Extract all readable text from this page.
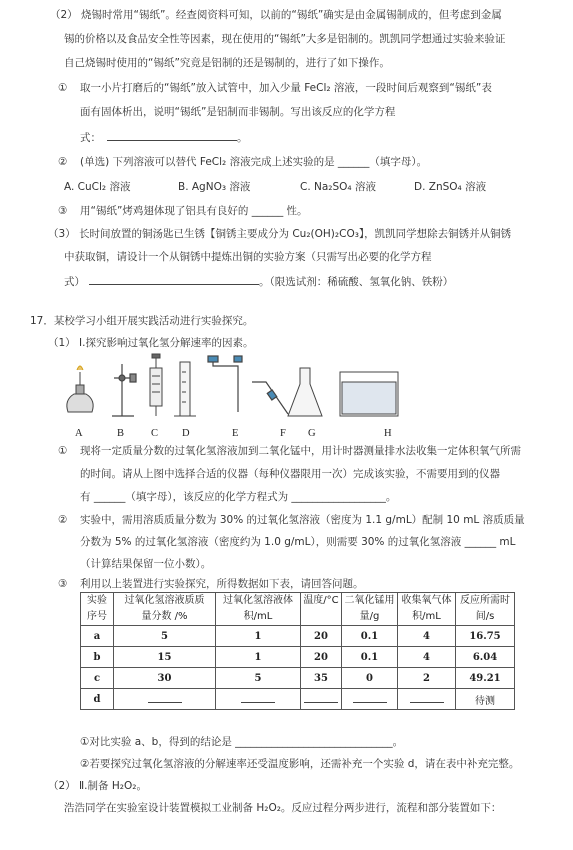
（2） 烧锡时常用“锡纸”。经查阅资料可知，以前的“锡纸”确实是由金属锡制成的，但考虑到金属
锡的价格以及食品安全性等因素，现在使用的“锡纸”大多是铝制的。凯凯同学想通过实验来验证
自己烧锡时使用的“锡纸”究竟是铝制的还是锡制的，进行了如下操作。
① 取一小片打磨后的“锡纸”放入试管中，加入少量 FeCl₂ 溶液，一段时间后观察到“锡纸”表
面有固体析出，说明“锡纸”是铝制而非锡制。写出该反应的化学方程
式：	。
② (单选) 下列溶液可以替代 FeCl₂ 溶液完成上述实验的是 ______（填字母）。
A. CuCl₂ 溶液	B. AgNO₃ 溶液	C. Na₂SO₄ 溶液	D. ZnSO₄ 溶液
③ 用“锡纸”烤鸡翅体现了铝具有良好的 ______ 性。
（3） 长时间放置的铜汤匙已生锈【铜锈主要成分为 Cu₂(OH)₂CO₃】，凯凯同学想除去铜锈并从铜锈
中获取铜，请设计一个从铜锈中提炼出铜的实验方案（只需写出必要的化学方程
式）	。（限选试剂：稀硫酸、氢氧化钠、铁粉）
17．某校学习小组开展实践活动进行实验探究。
（1） Ⅰ.探究影响过氧化氢分解速率的因素。
A	B	C D	E	F G	H
① 现将一定质量分数的过氧化氢溶液加到二氧化锰中，用计时器测量排水法收集一定体积氧气所需
的时间。请从上图中选择合适的仪器（每种仪器限用一次）完成该实验，不需要用到的仪器
有 ______（填字母），该反应的化学方程式为 __________________。
② 实验中，需用溶质质量分数为 30% 的过氧化氢溶液（密度为 1.1 g/mL）配制 10 mL 溶质质量
分数为 5% 的过氧化氢溶液（密度约为 1.0 g/mL），则需要 30% 的过氧化氢溶液 ______ mL
（计算结果保留一位小数）。
③ 利用以上装置进行实验探究，所得数据如下表，请回答问题。
实验
序号	过氧化氢溶液质质
量分数 /%	过氧化氢溶液体
积/mL	温度/°C	二氧化锰用
量/g	收集氧气体
积/mL	反应所需时
间/s
a	5	1	20	0.1	4	16.75
b	15	1	20	0.1	4	6.04
c	30	5	35	0	2	49.21
d						待测
①对比实验 a、b，得到的结论是 ______________________________。
②若要探究过氧化氢溶液的分解速率还受温度影响，还需补充一个实验 d，请在表中补充完整。
（2） Ⅱ.制备 H₂O₂。
浩浩同学在实验室设计装置模拟工业制备 H₂O₂。反应过程分两步进行，流程和部分装置如下：
